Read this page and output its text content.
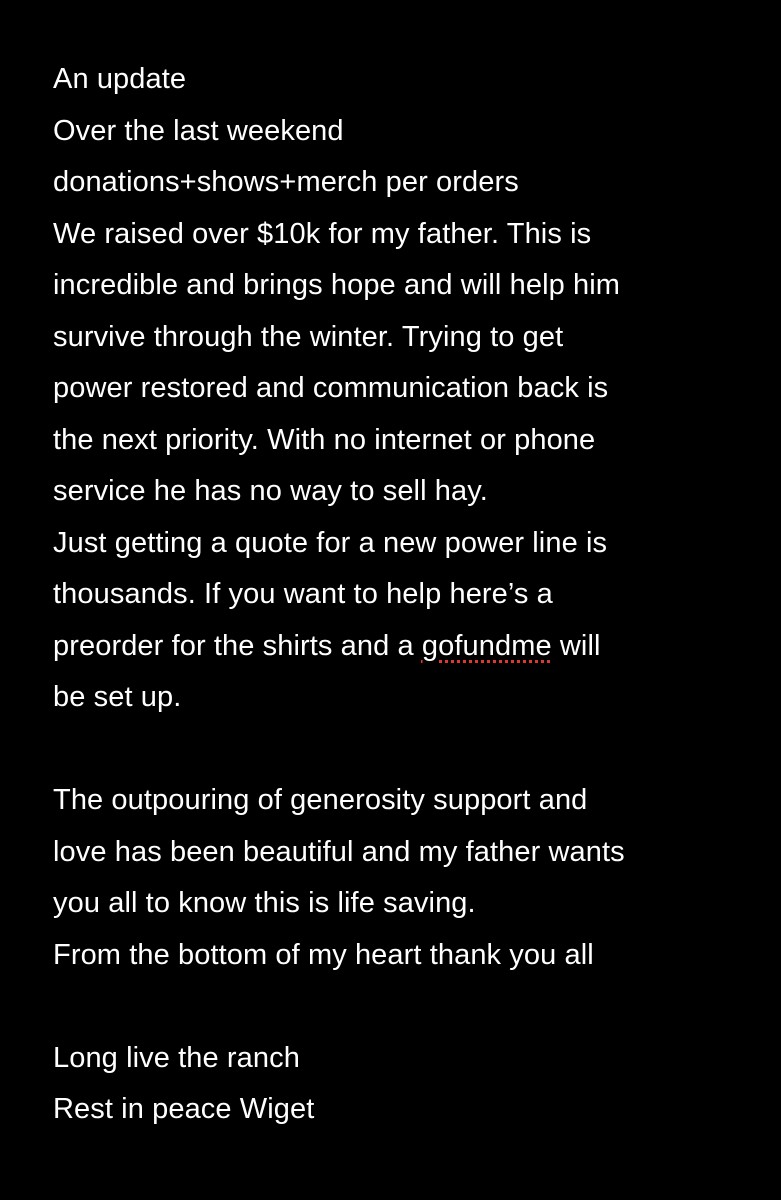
An update
Over the last weekend
donations+shows+merch per orders
We raised over $10k for my father. This is
incredible and brings hope and will help him
survive through the winter. Trying to get
power restored and communication back is
the next priority. With no internet or phone
service he has no way to sell hay.
Just getting a quote for a new power line is
thousands. If you want to help here’s a
preorder for the shirts and a gofundme will
be set up.
The outpouring of generosity support and
love has been beautiful and my father wants
you all to know this is life saving.
From the bottom of my heart thank you all
Long live the ranch
Rest in peace Wiget
